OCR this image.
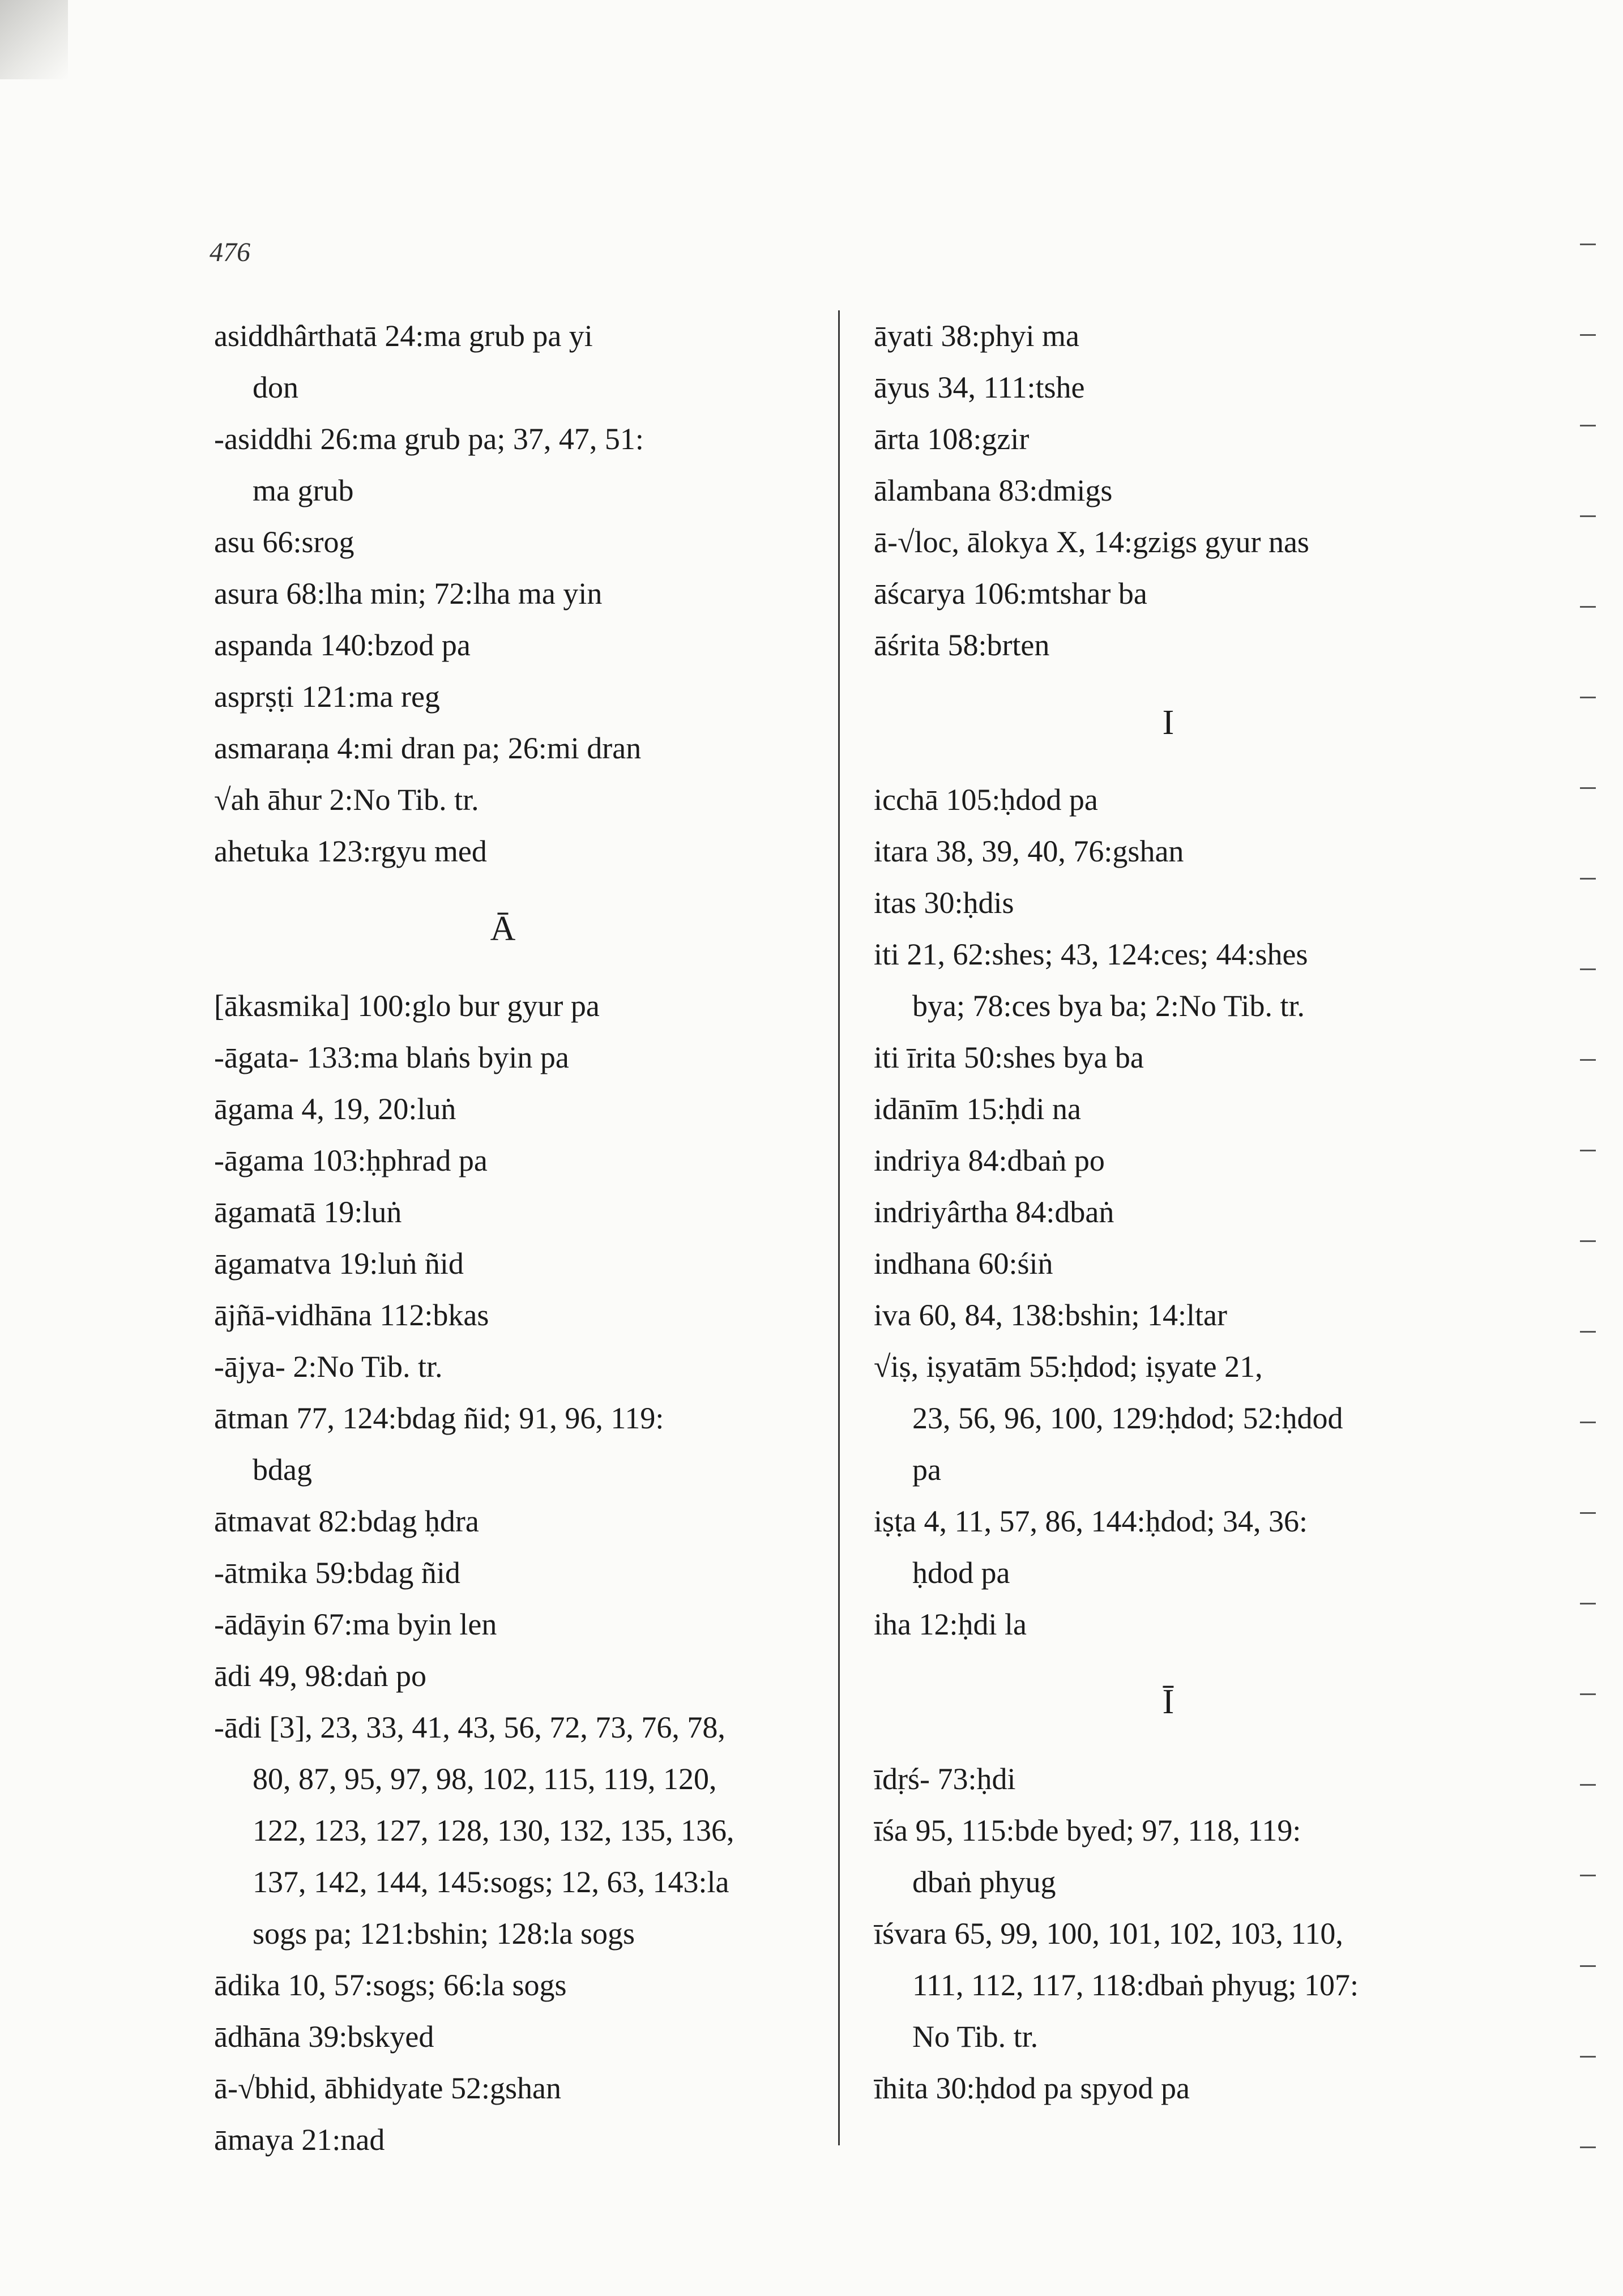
476
asiddhârthatā 24:ma grub pa yi
don
-asiddhi 26:ma grub pa; 37, 47, 51:
ma grub
asu 66:srog
asura 68:lha min; 72:lha ma yin
aspanda 140:bzod pa
asprṣṭi 121:ma reg
asmaraṇa 4:mi dran pa; 26:mi dran
√ah āhur 2:No Tib. tr.
ahetuka 123:rgyu med
Ā
[ākasmika] 100:glo bur gyur pa
-āgata- 133:ma blaṅs byin pa
āgama 4, 19, 20:luṅ
-āgama 103:ḥphrad pa
āgamatā 19:luṅ
āgamatva 19:luṅ ñid
ājñā-vidhāna 112:bkas
-ājya- 2:No Tib. tr.
ātman 77, 124:bdag ñid; 91, 96, 119:
bdag
ātmavat 82:bdag ḥdra
-ātmika 59:bdag ñid
-ādāyin 67:ma byin len
ādi 49, 98:daṅ po
-ādi [3], 23, 33, 41, 43, 56, 72, 73, 76, 78,
80, 87, 95, 97, 98, 102, 115, 119, 120,
122, 123, 127, 128, 130, 132, 135, 136,
137, 142, 144, 145:sogs; 12, 63, 143:la
sogs pa; 121:bshin; 128:la sogs
ādika 10, 57:sogs; 66:la sogs
ādhāna 39:bskyed
ā-√bhid, ābhidyate 52:gshan
āmaya 21:nad
āyati 38:phyi ma
āyus 34, 111:tshe
ārta 108:gzir
ālambana 83:dmigs
ā-√loc, ālokya X, 14:gzigs gyur nas
āścarya 106:mtshar ba
āśrita 58:brten
I
icchā 105:ḥdod pa
itara 38, 39, 40, 76:gshan
itas 30:ḥdis
iti 21, 62:shes; 43, 124:ces; 44:shes
bya; 78:ces bya ba; 2:No Tib. tr.
iti īrita 50:shes bya ba
idānīm 15:ḥdi na
indriya 84:dbaṅ po
indriyârtha 84:dbaṅ
indhana 60:śiṅ
iva 60, 84, 138:bshin; 14:ltar
√iṣ, iṣyatām 55:ḥdod; iṣyate 21,
23, 56, 96, 100, 129:ḥdod; 52:ḥdod
pa
iṣṭa 4, 11, 57, 86, 144:ḥdod; 34, 36:
ḥdod pa
iha 12:ḥdi la
Ī
īdṛś- 73:ḥdi
īśa 95, 115:bde byed; 97, 118, 119:
dbaṅ phyug
īśvara 65, 99, 100, 101, 102, 103, 110,
111, 112, 117, 118:dbaṅ phyug; 107:
No Tib. tr.
īhita 30:ḥdod pa spyod pa
